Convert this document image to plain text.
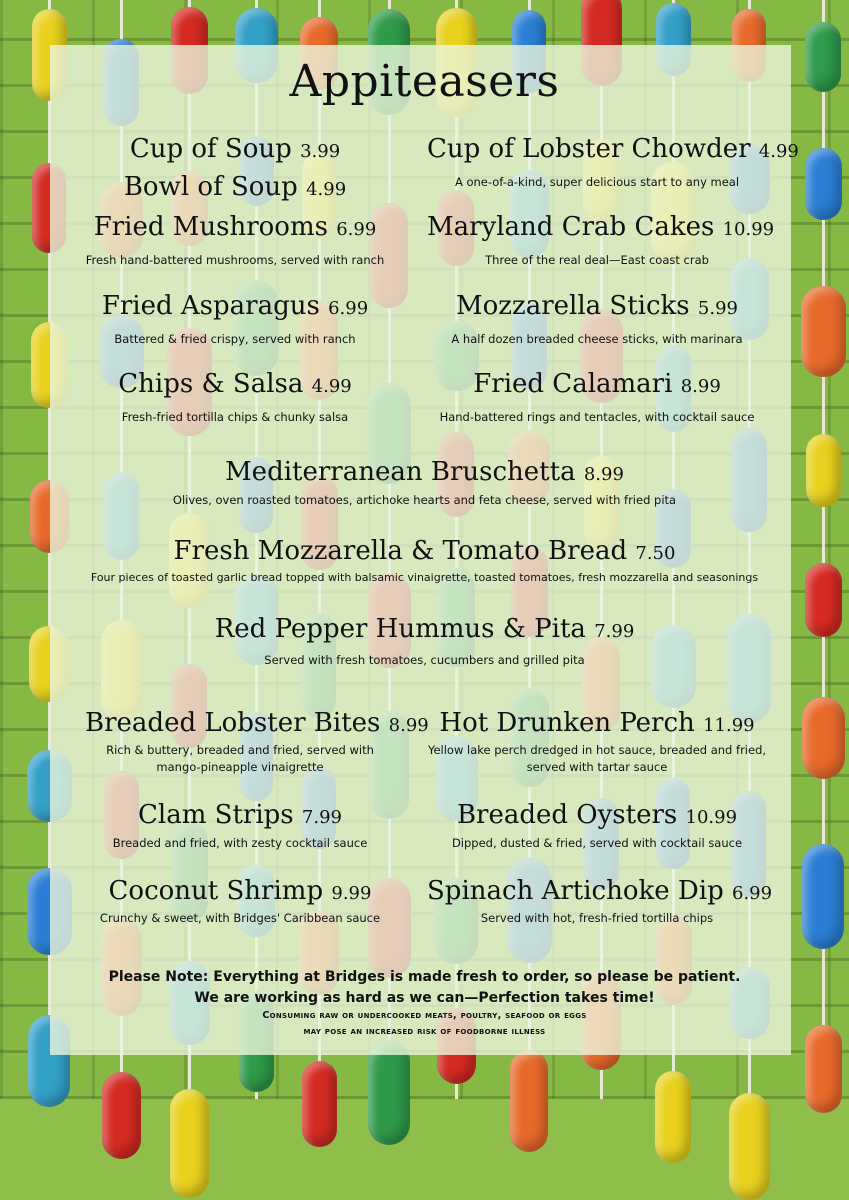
Appiteasers
Cup of Soup 3.99
Bowl of Soup 4.99
Fried Mushrooms 6.99
Fresh hand-battered mushrooms, served with ranch
Fried Asparagus 6.99
Battered & fried crispy, served with ranch
Chips & Salsa 4.99
Fresh-fried tortilla chips & chunky salsa
Cup of Lobster Chowder 4.99
A one-of-a-kind, super delicious start to any meal
Maryland Crab Cakes 10.99
Three of the real deal—East coast crab
Mozzarella Sticks 5.99
A half dozen breaded cheese sticks, with marinara
Fried Calamari 8.99
Hand-battered rings and tentacles, with cocktail sauce
Mediterranean Bruschetta 8.99
Olives, oven roasted tomatoes, artichoke hearts and feta cheese, served with fried pita
Fresh Mozzarella & Tomato Bread 7.50
Four pieces of toasted garlic bread topped with balsamic vinaigrette, toasted tomatoes, fresh mozzarella and seasonings
Red Pepper Hummus & Pita 7.99
Served with fresh tomatoes, cucumbers and grilled pita
Breaded Lobster Bites 8.99
Rich & buttery, breaded and fried, served with
mango-pineapple vinaigrette
Clam Strips 7.99
Breaded and fried, with zesty cocktail sauce
Coconut Shrimp 9.99
Crunchy & sweet, with Bridges' Caribbean sauce
Hot Drunken Perch 11.99
Yellow lake perch dredged in hot sauce, breaded and fried,
served with tartar sauce
Breaded Oysters 10.99
Dipped, dusted & fried, served with cocktail sauce
Spinach Artichoke Dip 6.99
Served with hot, fresh-fried tortilla chips
Please Note: Everything at Bridges is made fresh to order, so please be patient.
We are working as hard as we can—Perfection takes time!
Consuming raw or undercooked meats, poultry, seafood or eggs
may pose an increased risk of foodborne illness
